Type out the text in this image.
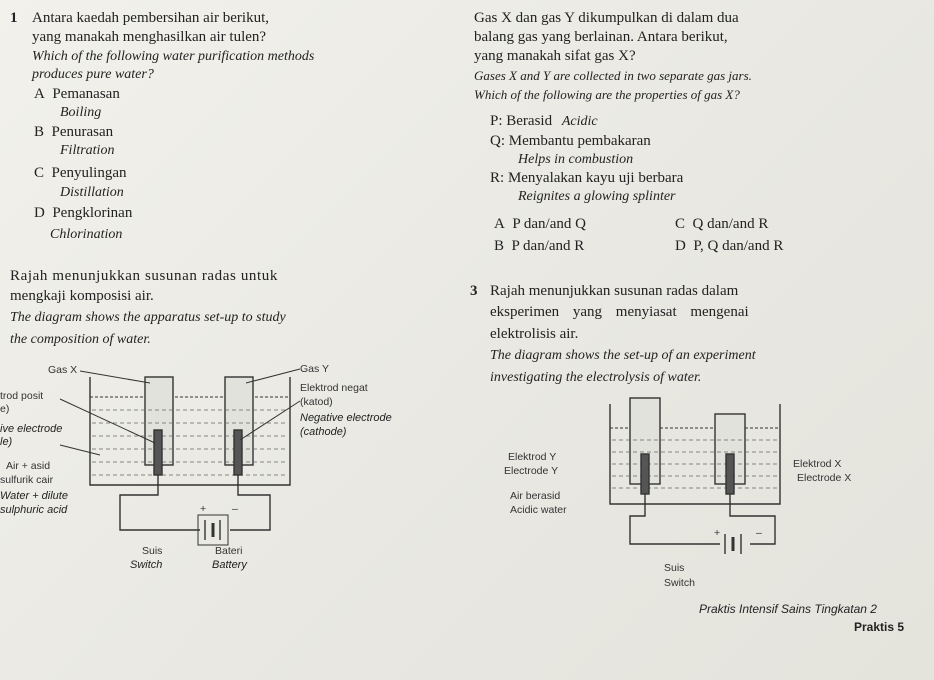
1 Antara kaedah pembersihan air berikut,
yang manakah menghasilkan air tulen?
Which of the following water purification methods
produces pure water?
A Pemanasan
Boiling
B Penurasan
Filtration
C Penyulingan
Distillation
D Pengklorinan
Chlorination
Rajah menunjukkan susunan radas untuk
mengkaji komposisi air.
The diagram shows the apparatus set-up to study
the composition of water.
Gas X	Gas Y
trod posit
e)
ive electrode
le)
Elektrod negat
(katod)
Negative electrode
(cathode)
Air + asid
sulfurik cair
Water + dilute
sulphuric acid	+ –
Suis
Switch
Bateri
Battery
Gas X dan gas Y dikumpulkan di dalam dua
balang gas yang berlainan. Antara berikut,
yang manakah sifat gas X?
Gases X and Y are collected in two separate gas jars.
Which of the following are the properties of gas X?
P: Berasid Acidic
Q: Membantu pembakaran
Helps in combustion
R: Menyalakan kayu uji berbara
Reignites a glowing splinter
A P dan/and Q	C Q dan/and R
B P dan/and R	D P, Q dan/and R
3 Rajah menunjukkan susunan radas dalam
eksperimen yang menyiasat mengenai
elektrolisis air.
The diagram shows the set-up of an experiment
investigating the electrolysis of water.
Elektrod Y
Electrode Y
Elektrod X
Electrode X
Air berasid
Acidic water
+	–
Suis
Switch
Praktis Intensif Sains Tingkatan 2
Praktis 5
